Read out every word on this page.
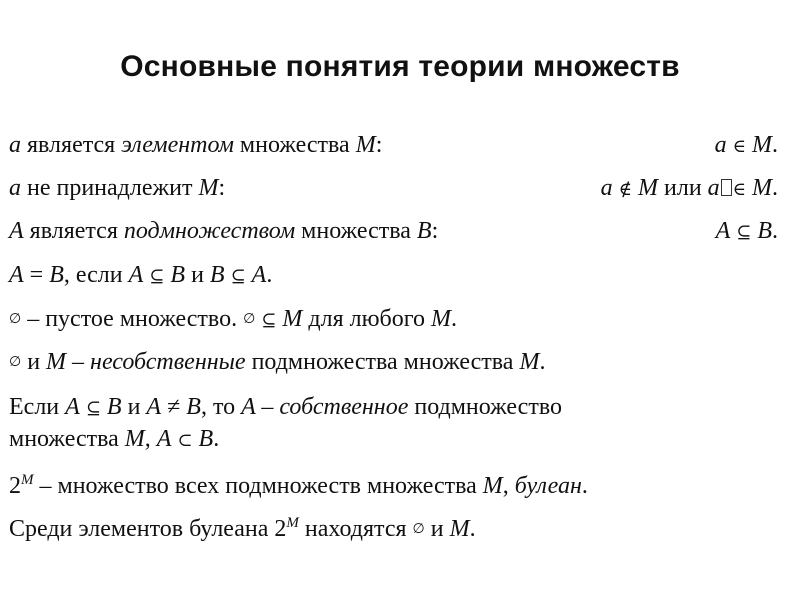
Основные понятия теории множеств
a является элементом множества M:	a ∈ M.
a не принадлежит M:	a ∉ M или a ∈ M.
A является подмножеством множества B:	A ⊆ B.
A = B, если A ⊆ B и B ⊆ A.
∅ – пустое множество. ∅ ⊆ M для любого M.
∅ и M – несобственные подмножества множества M.
Если A ⊆ B и A ≠ B, то A – собственное подмножество
множества M, A ⊂ B.
$2^M$ – множество всех подмножеств множества M, булеан.
Среди элементов булеана $2^M$ находятся ∅ и M.
